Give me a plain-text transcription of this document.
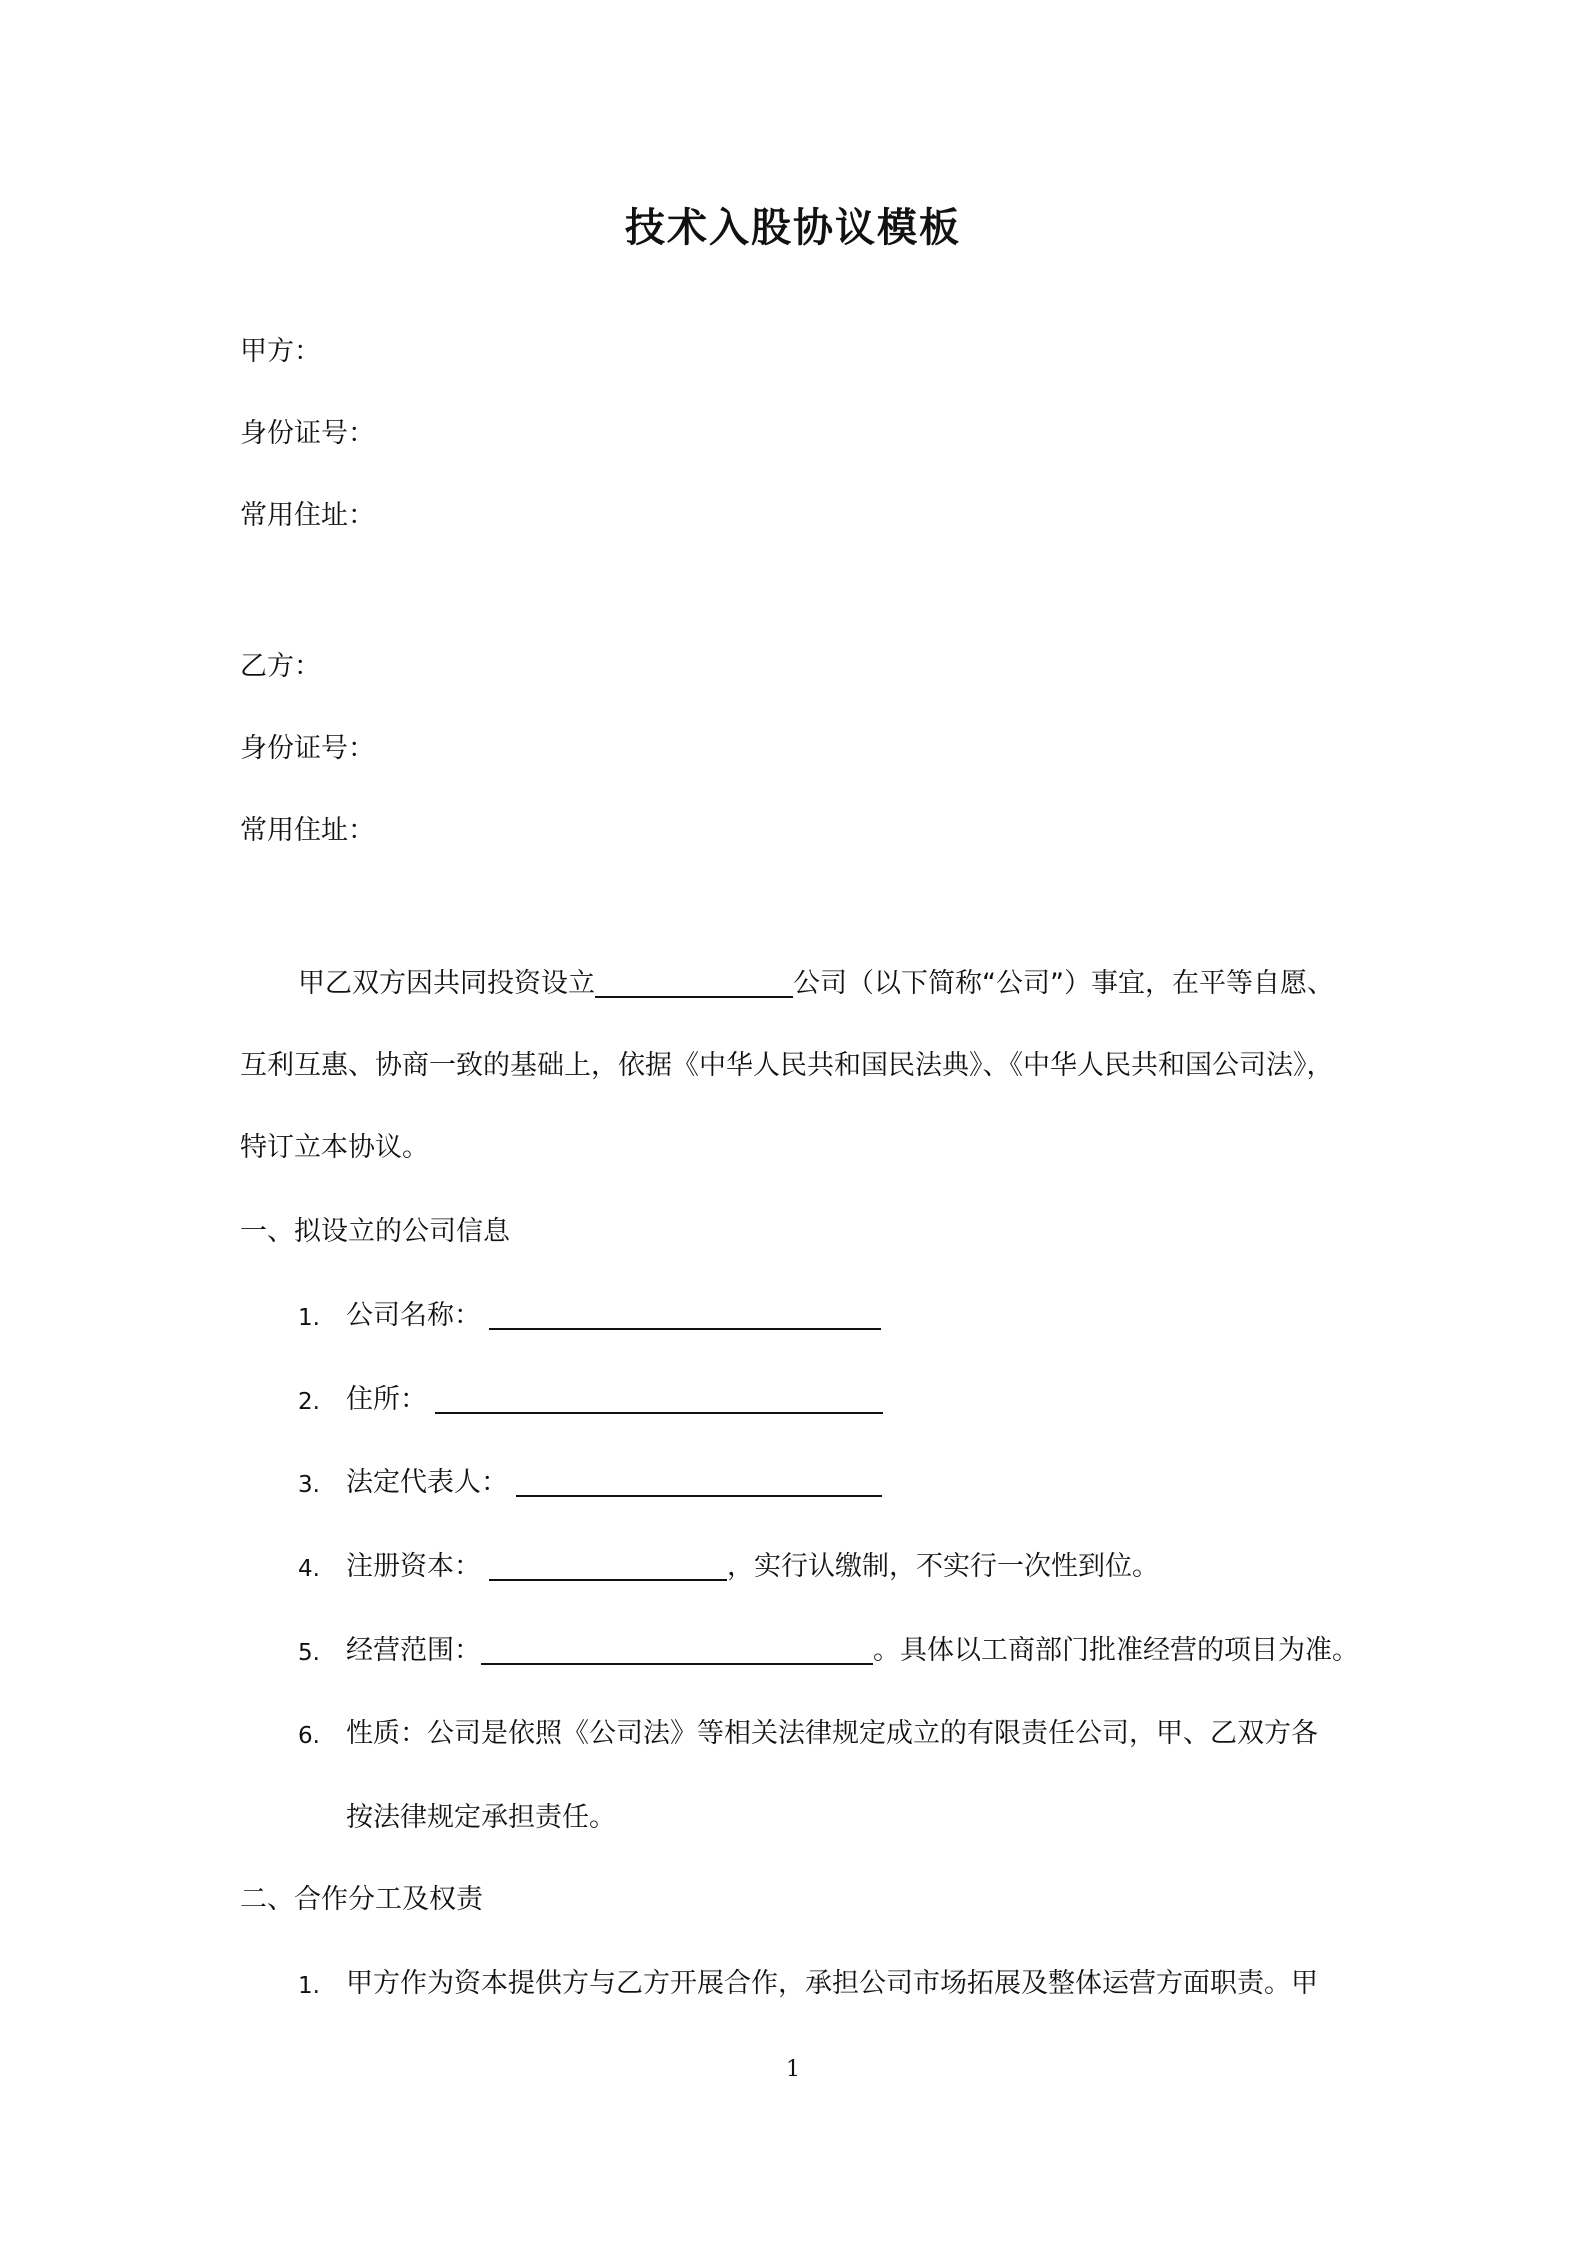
技术入股协议模板
甲方：
身份证号：
常用住址：
乙方：
身份证号：
常用住址：
甲乙双方因共同投资设立	公司（以下简称“公司”）事宜，在平等自愿、
互利互惠、协商一致的基础上，依据《中华人民共和国民法典》、《中华人民共和国公司法》，
特订立本协议。
一、拟设立的公司信息
1. 公司名称：
2. 住所：
3. 法定代表人：
4. 注册资本：	，实行认缴制，不实行一次性到位。
5. 经营范围：	。具体以工商部门批准经营的项目为准。
6. 性质：公司是依照《公司法》等相关法律规定成立的有限责任公司，甲、乙双方各
按法律规定承担责任。
二、合作分工及权责
1. 甲方作为资本提供方与乙方开展合作，承担公司市场拓展及整体运营方面职责。甲
1
